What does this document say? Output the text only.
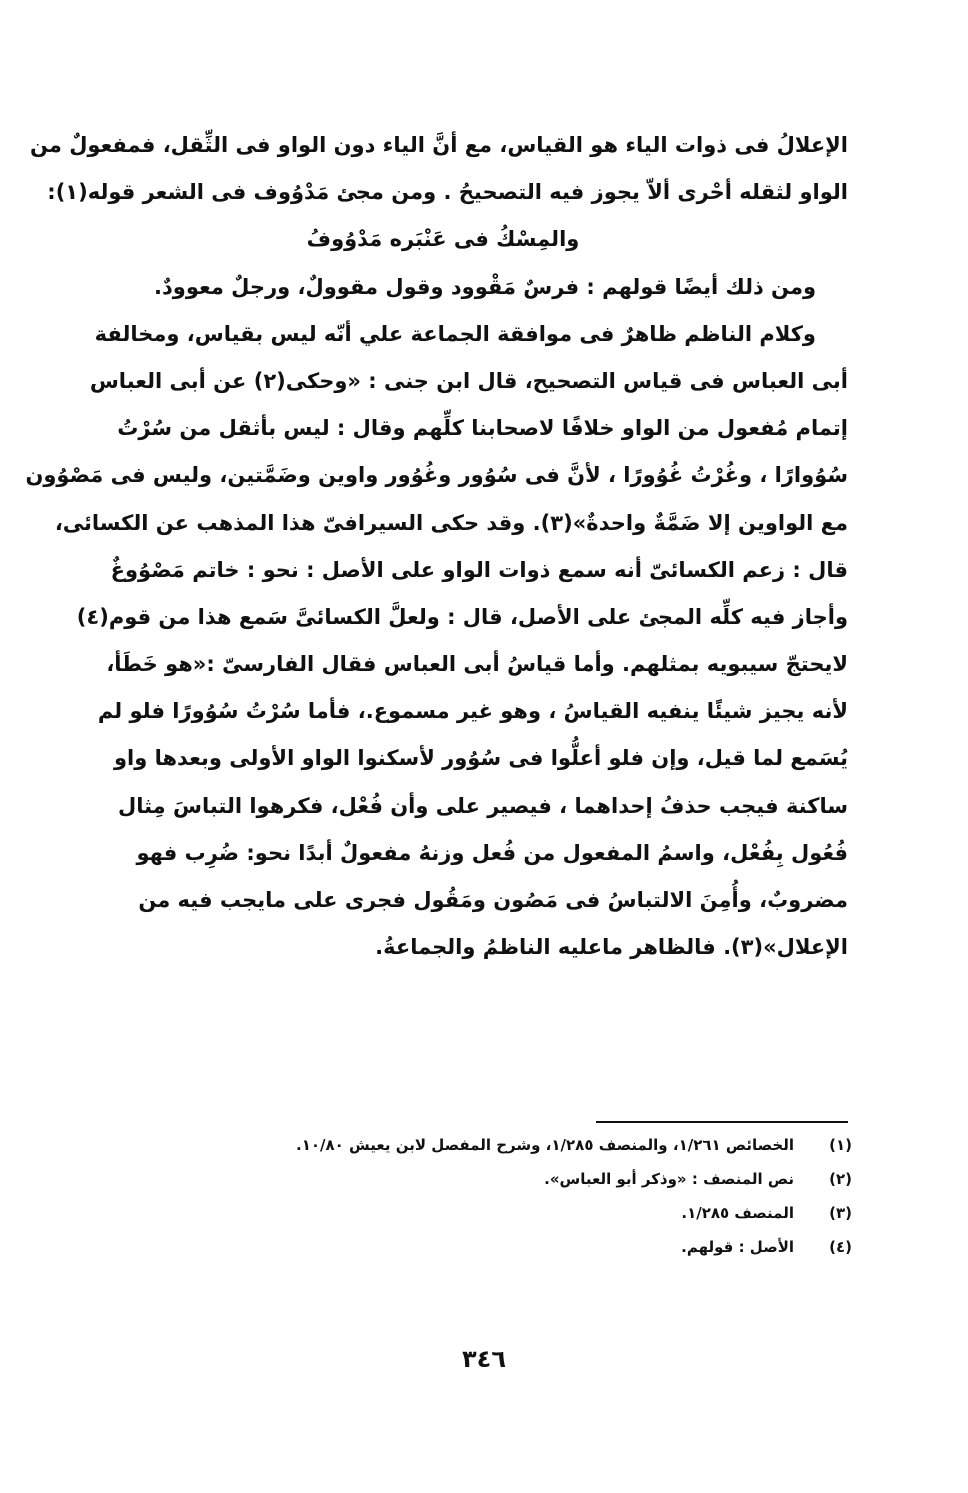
الإعلالُ فى ذوات الياء هو القياس، مع أنَّ الياء دون الواو فى الثِّقل، فمفعولٌ من
الواو لثقله أحْرى ألاّ يجوز فيه التصحيحُ . ومن مجئ مَدْوُوف فى الشعر قوله(١):
والمِسْكُ فى عَنْبَره مَدْوُوفُ
ومن ذلك أيضًا قولهم : فرسٌ مَقْوود وقول مقوولٌ، ورجلٌ معوودٌ.
وكلام الناظم ظاهرٌ فى موافقة الجماعة علي أنّه ليس بقياس، ومخالفة
أبى العباس فى قياس التصحيح، قال ابن جنى : «وحكى(٢) عن أبى العباس
إتمام مُفعول من الواو خلافًا لاصحابنا كلِّهم وقال : ليس بأثقل من سُرْتُ
سُوُوارًا ، وغُرْتُ غُوُورًا ، لأنَّ فى سُوُور وغُوُور واوين وضَمَّتين، وليس فى مَصْوُون
مع الواوين إلا ضَمَّةٌ واحدةٌ»(٣). وقد حكى السيرافىّ هذا المذهب عن الكسائى،
قال : زعم الكسائىّ أنه سمع ذوات الواو على الأصل : نحو : خاتم مَصْوُوغٌ
وأجاز فيه كلِّه المجئ على الأصل، قال : ولعلَّ الكسائىَّ سَمع هذا من قوم(٤)
لايحتجّ سيبويه بمثلهم. وأما قياسُ أبى العباس فقال الفارسىّ :«هو خَطَأ،
لأنه يجيز شيئًا ينفيه القياسُ ، وهو غير مسموع.، فأما سُرْتُ سُوُورًا فلو لم
يُسَمع لما قيل، وإن فلو أعلُّوا فى سُوُور لأسكنوا الواو الأولى وبعدها واو
ساكنة فيجب حذفُ إحداهما ، فيصير على وأن فُعْل، فكرهوا التباسَ مِثال
فُعُول بِفُعْل، واسمُ المفعول من فُعل وزنهُ مفعولٌ أبدًا نحو: ضُرِب فهو
مضروبٌ، وأُمِنَ الالتباسُ فى مَصُون ومَقُول فجرى على مايجب فيه من
الإعلال»(٣). فالظاهر ماعليه الناظمُ والجماعةُ.
(١)
الخصائص ١/٢٦١، والمنصف ١/٢٨٥، وشرح المفصل لابن يعيش ١٠/٨٠.
(٢)
نص المنصف : «وذكر أبو العباس».
(٣)
المنصف ١/٢٨٥.
(٤)
الأصل : قولهم.
٣٤٦
